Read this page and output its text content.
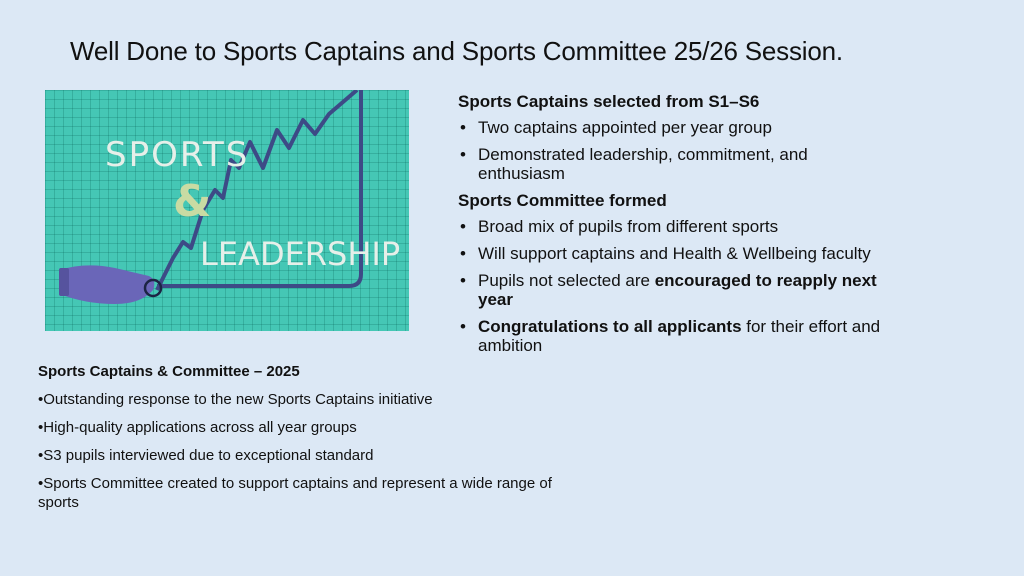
Well Done to Sports Captains and Sports Committee 25/26 Session.
SPORTS
&
LEADERSHIP
Sports Captains selected from S1–S6
• Two captains appointed per year group
• Demonstrated leadership, commitment, and enthusiasm
Sports Committee formed
• Broad mix of pupils from different sports
• Will support captains and Health & Wellbeing faculty
• Pupils not selected are encouraged to reapply next year
• Congratulations to all applicants for their effort and ambition
Sports Captains & Committee – 2025
•Outstanding response to the new Sports Captains initiative
•High-quality applications across all year groups
•S3 pupils interviewed due to exceptional standard
•Sports Committee created to support captains and represent a wide range of sports
